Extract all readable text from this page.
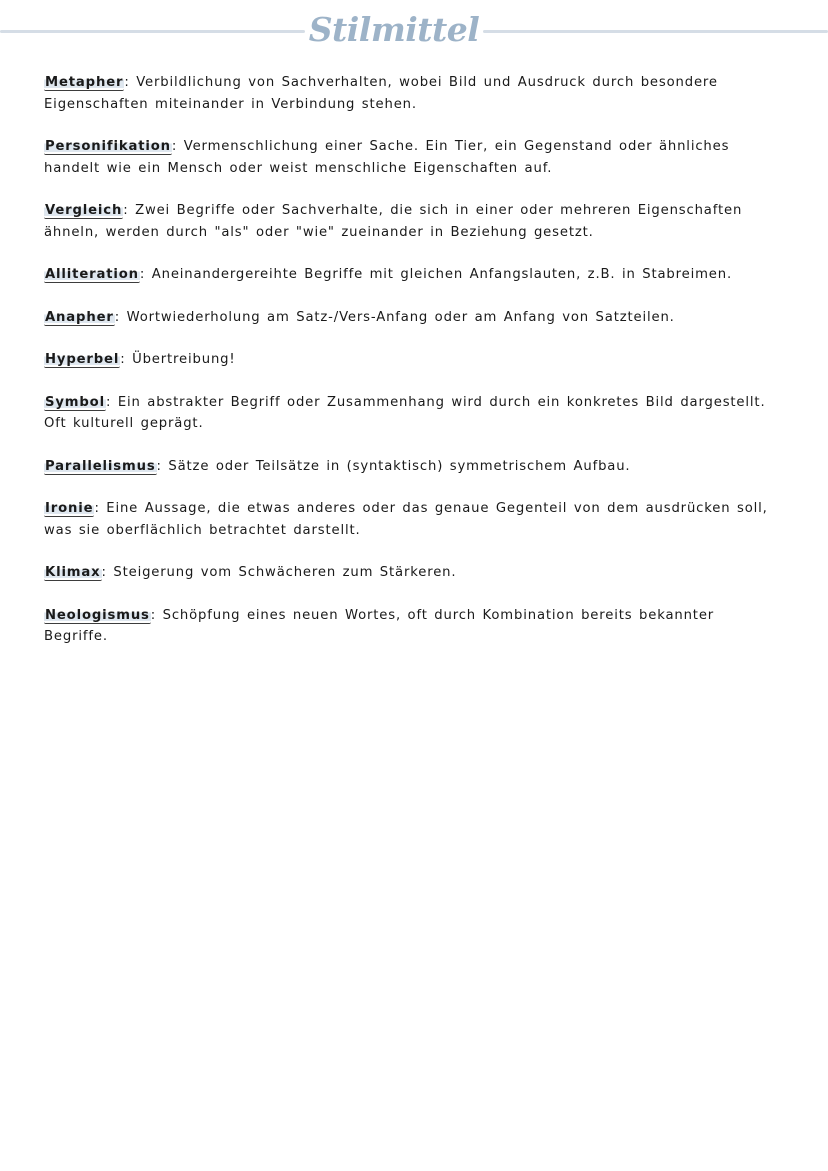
Stilmittel

Metapher: Verbildlichung von Sachverhalten, wobei Bild und Ausdruck durch besondere Eigenschaften miteinander in Verbindung stehen.

Personifikation: Vermenschlichung einer Sache. Ein Tier, ein Gegenstand oder ähnliches handelt wie ein Mensch oder weist menschliche Eigenschaften auf.

Vergleich: Zwei Begriffe oder Sachverhalte, die sich in einer oder mehreren Eigenschaften ähneln, werden durch "als" oder "wie" zueinander in Beziehung gesetzt.

Alliteration: Aneinandergereihte Begriffe mit gleichen Anfangslauten, z.B. in Stabreimen.

Anapher: Wortwiederholung am Satz-/Vers-Anfang oder am Anfang von Satzteilen.

Hyperbel: Übertreibung!

Symbol: Ein abstrakter Begriff oder Zusammenhang wird durch ein konkretes Bild dargestellt. Oft kulturell geprägt.

Parallelismus: Sätze oder Teilsätze in (syntaktisch) symmetrischem Aufbau.

Ironie: Eine Aussage, die etwas anderes oder das genaue Gegenteil von dem ausdrücken soll, was sie oberflächlich betrachtet darstellt.

Klimax: Steigerung vom Schwächeren zum Stärkeren.

Neologismus: Schöpfung eines neuen Wortes, oft durch Kombination bereits bekannter Begriffe.
